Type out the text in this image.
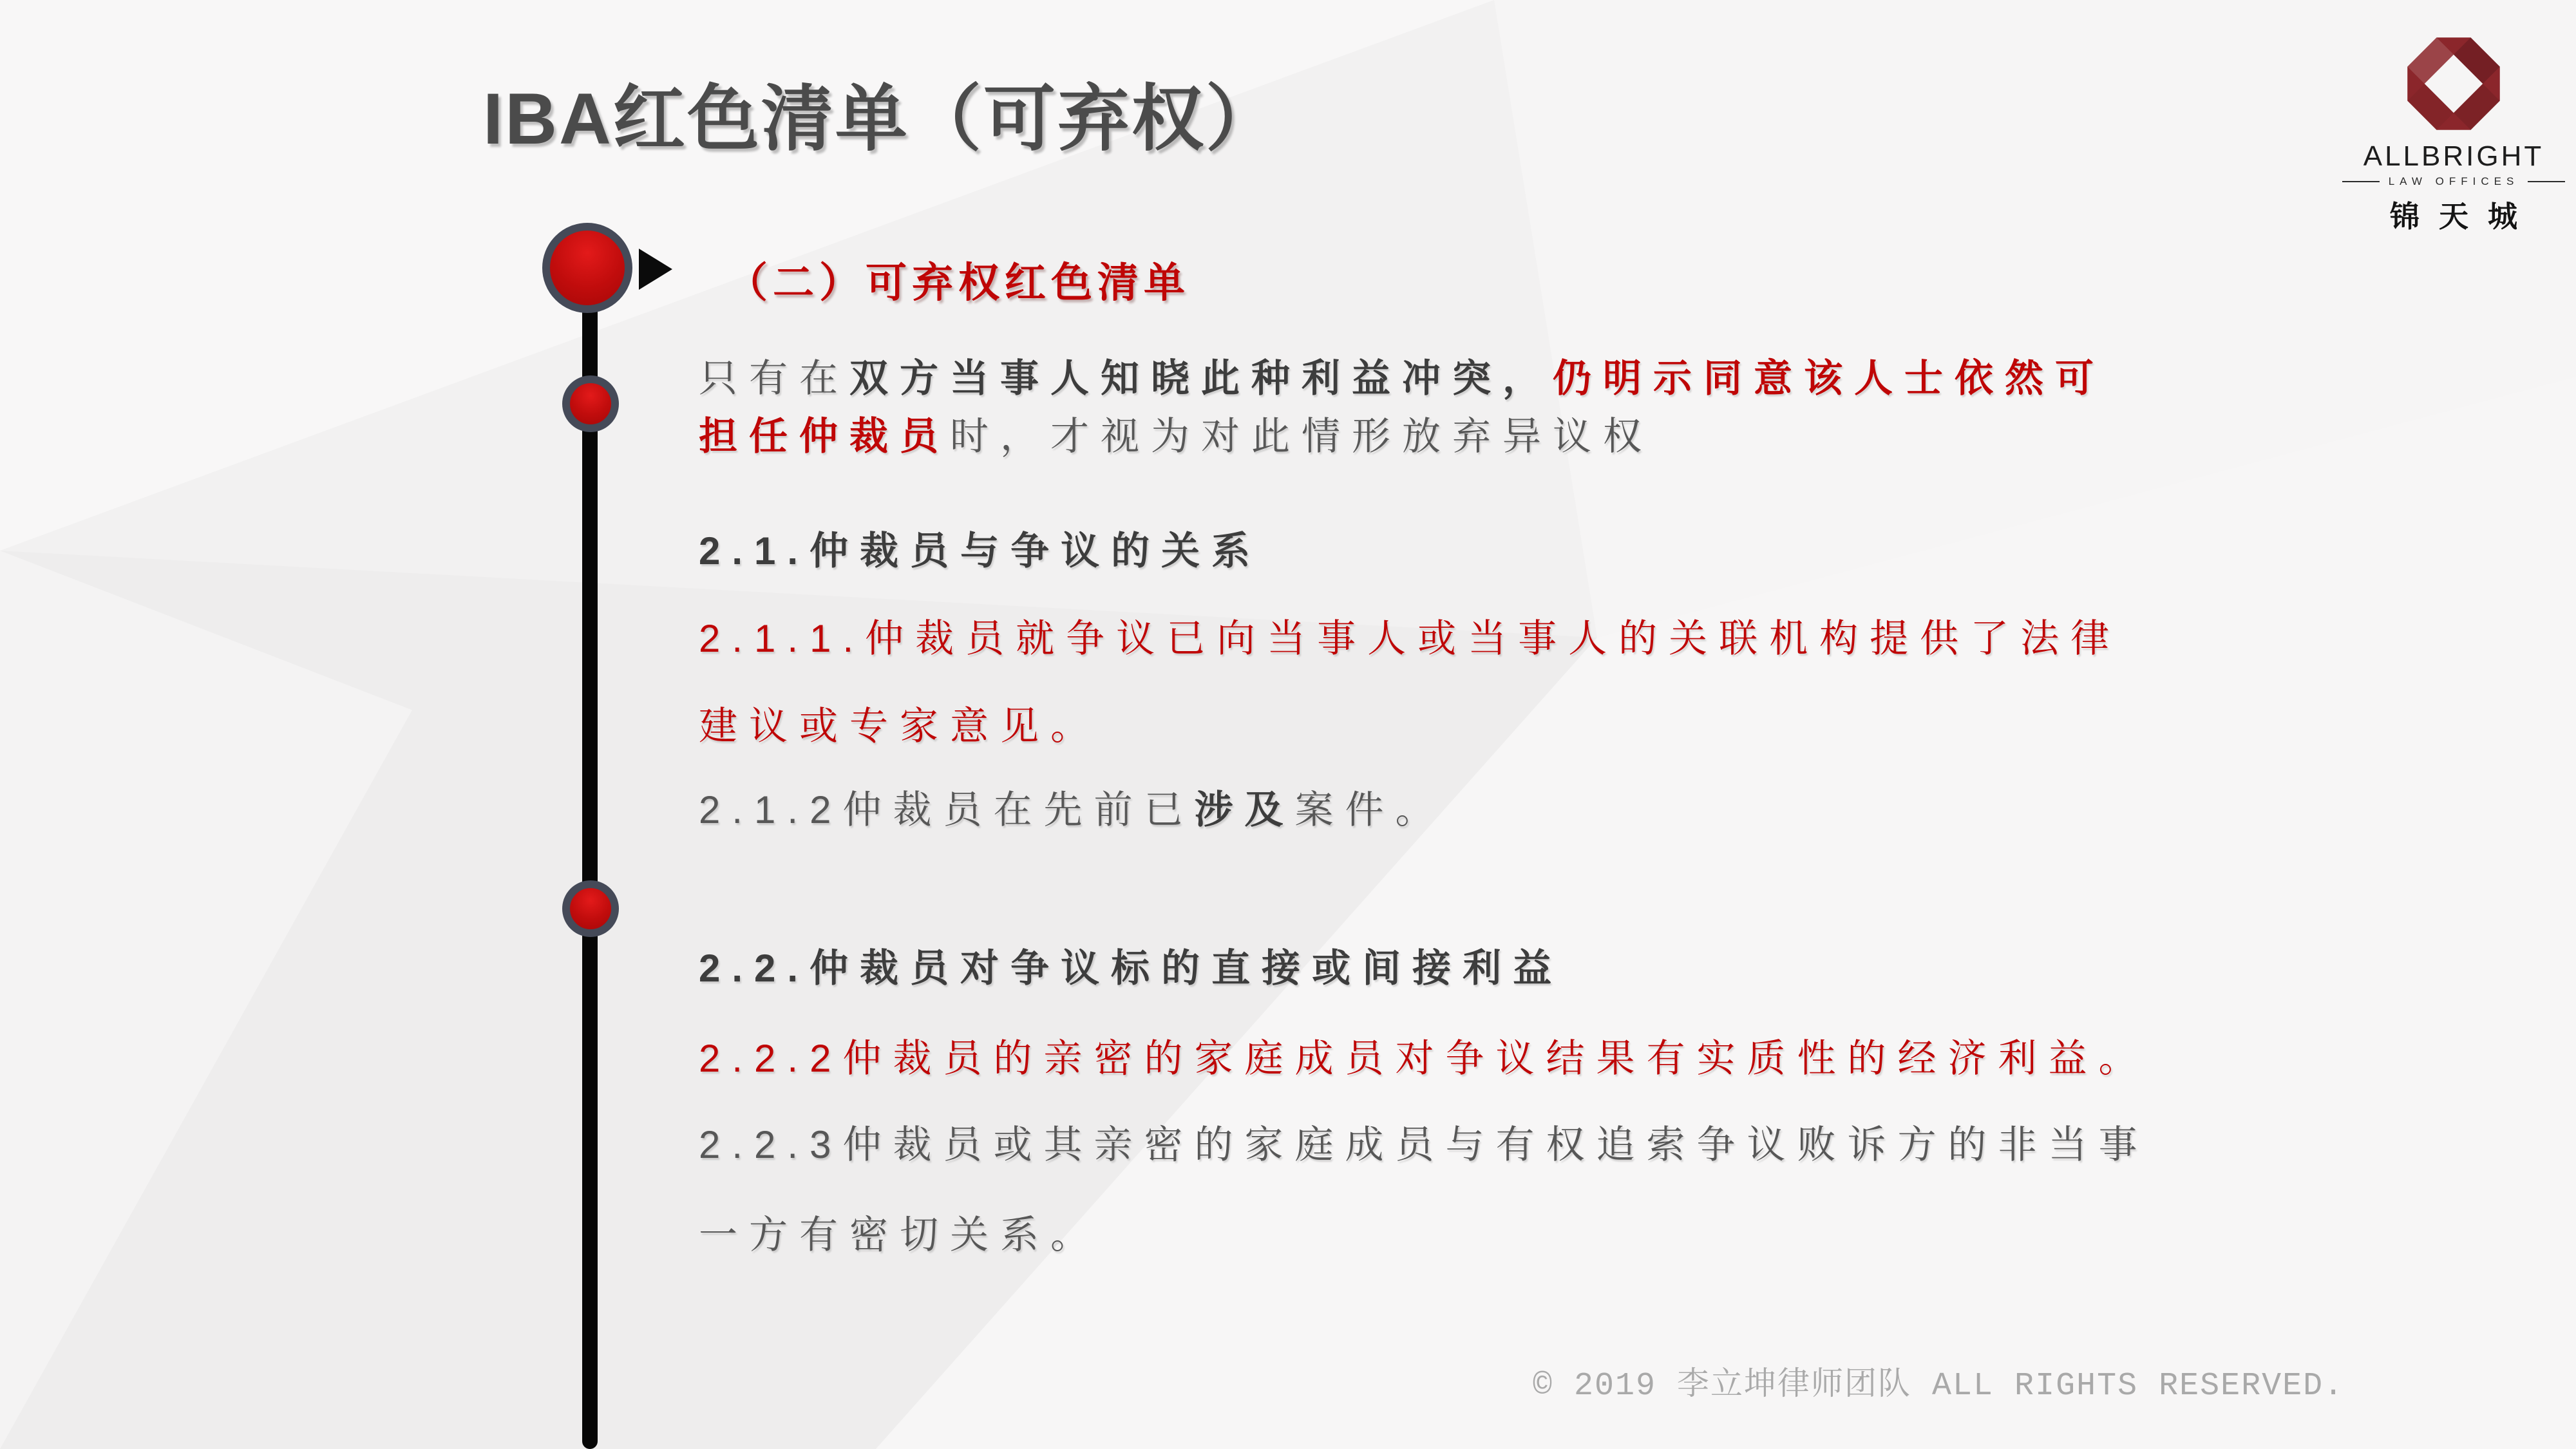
IBA红色清单（可弃权）	ALLBRIGHT
LAW OFFICES
锦天城
（二）可弃权红色清单
只有在双方当事人知晓此种利益冲突，仍明示同意该人士依然可
担任仲裁员时，才视为对此情形放弃异议权
2.1.仲裁员与争议的关系
2.1.1.仲裁员就争议已向当事人或当事人的关联机构提供了法律
建议或专家意见。
2.1.2仲裁员在先前已涉及案件。
2.2.仲裁员对争议标的直接或间接利益
2.2.2仲裁员的亲密的家庭成员对争议结果有实质性的经济利益。
2.2.3仲裁员或其亲密的家庭成员与有权追索争议败诉方的非当事
一方有密切关系。
© 2019 李立坤律师团队 ALL RIGHTS RESERVED.
